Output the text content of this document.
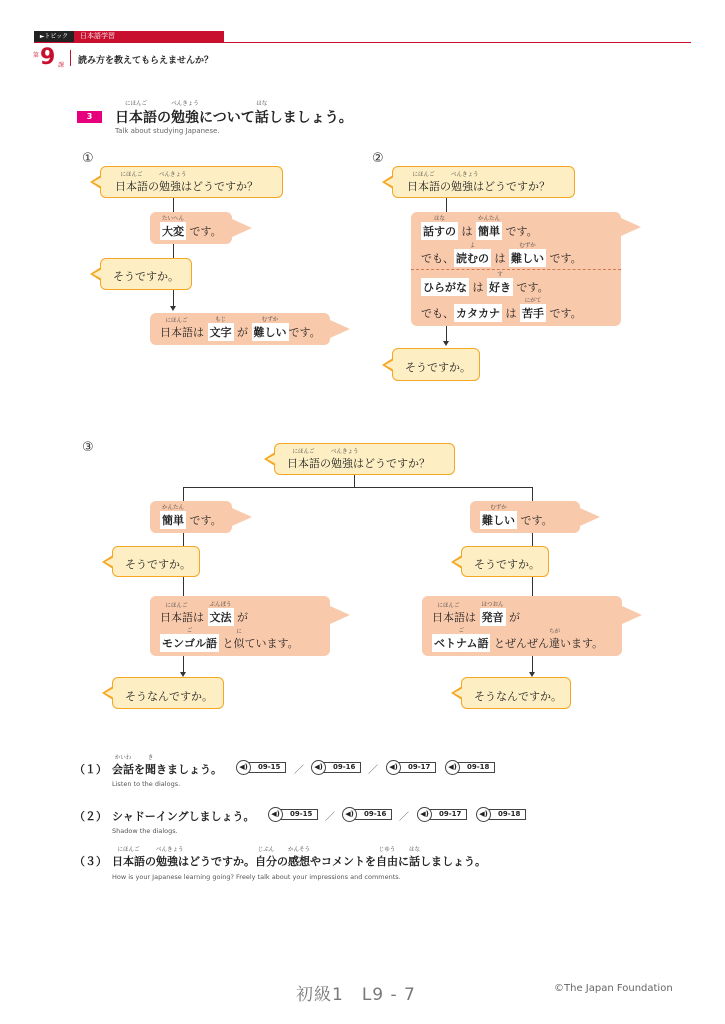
►トピック	日本語学習
第 9 課 読み方を教えてもらえませんか？
3
にほんご
日本語の
べんきょう
勉強について
はな
話しましょう。
Talk about studying Japanese.
①
にほんご
日本語の
べんきょう
勉強はどうですか？
たいへん
大変 です。
そうですか。
にほんご
日本語は
もじ
文字 が
むずか
難しい です。
②
にほんご
日本語の
べんきょう
勉強はどうですか？
はな
話すの は
かんたん
簡単 です。
でも、
よ
読むの は
むずか
難しい です。
ひらがな は
す
好き です。
でも、 カタカナ は
にがて
苦手 です。
そうですか。
③	にほんご
日本語の
べんきょう
勉強はどうですか？
かんたん
簡単 です。
そうですか。
にほんご
日本語は
ぶんぽう
文法 が
ご
モンゴル語 と
に
似ています。
そうなんですか。
むずか
難しい です。
そうですか。
にほんご
日本語は
はつおん
発音 が
ご
ベトナム語 とぜんぜん
ちが
違います。
そうなんですか。
（１）
かいわ
会話を
き
聞きましょう。	◀)	09-15	／	◀)	09-16	／	◀)	09-17	◀)	09-18
Listen to the dialogs.
（２） シャドーイングしましょう。	◀)	09-15	／	◀)	09-16	／	◀)	09-17	◀)	09-18
Shadow the dialogs.
（３）
にほんご
日本語の
べんきょう
勉強はどうですか。
じぶん
自分の
かんそう
感想やコメントを
じゆう
自由に
はな
話しましょう。
How is your Japanese learning going? Freely talk about your impressions and comments.
初級1　L9 - 7	©The Japan Foundation
